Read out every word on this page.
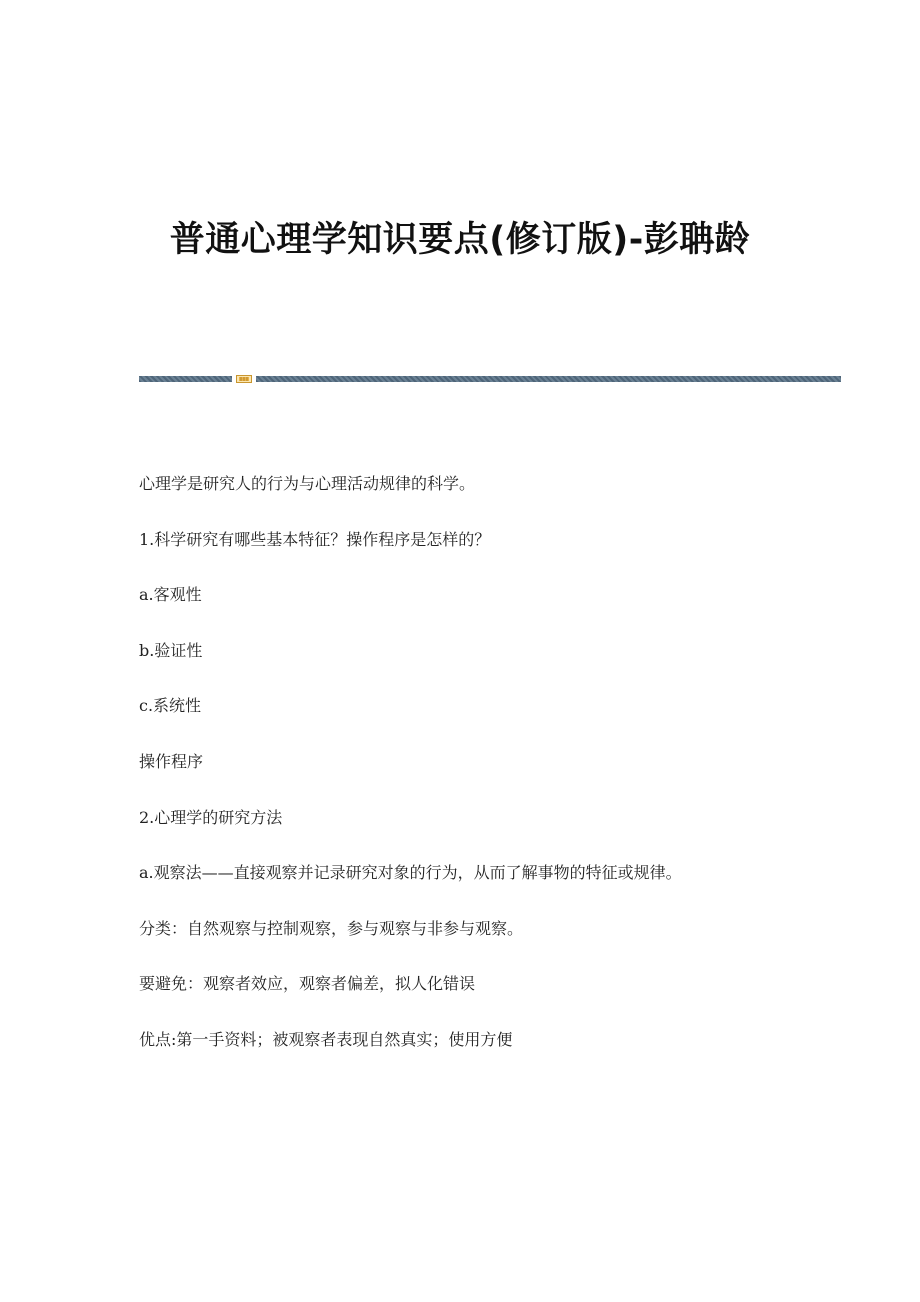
普通心理学知识要点(修订版)-彭聃龄

心理学是研究人的行为与心理活动规律的科学。

1.科学研究有哪些基本特征？操作程序是怎样的？

a.客观性

b.验证性

c.系统性

操作程序

2.心理学的研究方法

a.观察法——直接观察并记录研究对象的行为，从而了解事物的特征或规律。

分类：自然观察与控制观察，参与观察与非参与观察。

要避免：观察者效应，观察者偏差，拟人化错误

优点:第一手资料；被观察者表现自然真实；使用方便
